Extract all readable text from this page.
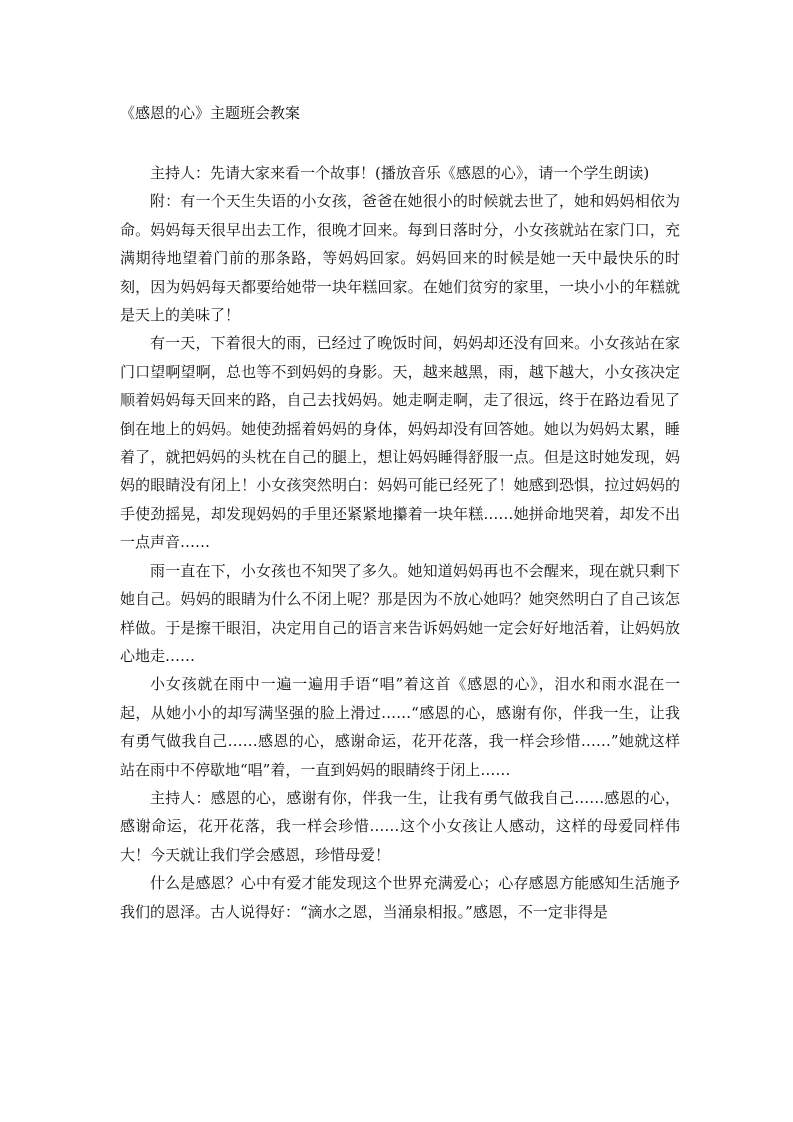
《感恩的心》主题班会教案

主持人：先请大家来看一个故事！(播放音乐《感恩的心》，请一个学生朗读)

附：有一个天生失语的小女孩，爸爸在她很小的时候就去世了，她和妈妈相依为命。妈妈每天很早出去工作，很晚才回来。每到日落时分，小女孩就站在家门口，充满期待地望着门前的那条路，等妈妈回家。妈妈回来的时候是她一天中最快乐的时刻，因为妈妈每天都要给她带一块年糕回家。在她们贫穷的家里，一块小小的年糕就是天上的美味了！

有一天，下着很大的雨，已经过了晚饭时间，妈妈却还没有回来。小女孩站在家门口望啊望啊，总也等不到妈妈的身影。天，越来越黑，雨，越下越大，小女孩决定顺着妈妈每天回来的路，自己去找妈妈。她走啊走啊，走了很远，终于在路边看见了倒在地上的妈妈。她使劲摇着妈妈的身体，妈妈却没有回答她。她以为妈妈太累，睡着了，就把妈妈的头枕在自己的腿上，想让妈妈睡得舒服一点。但是这时她发现，妈妈的眼睛没有闭上！小女孩突然明白：妈妈可能已经死了！她感到恐惧，拉过妈妈的手使劲摇晃，却发现妈妈的手里还紧紧地攥着一块年糕……她拼命地哭着，却发不出一点声音……

雨一直在下，小女孩也不知哭了多久。她知道妈妈再也不会醒来，现在就只剩下她自己。妈妈的眼睛为什么不闭上呢？那是因为不放心她吗？她突然明白了自己该怎样做。于是擦干眼泪，决定用自己的语言来告诉妈妈她一定会好好地活着，让妈妈放心地走……

小女孩就在雨中一遍一遍用手语“唱”着这首《感恩的心》，泪水和雨水混在一起，从她小小的却写满坚强的脸上滑过……“感恩的心，感谢有你，伴我一生，让我有勇气做我自己……感恩的心，感谢命运，花开花落，我一样会珍惜……”她就这样站在雨中不停歇地“唱”着，一直到妈妈的眼睛终于闭上……

主持人：感恩的心，感谢有你，伴我一生，让我有勇气做我自己……感恩的心，感谢命运，花开花落，我一样会珍惜……这个小女孩让人感动，这样的母爱同样伟大！今天就让我们学会感恩，珍惜母爱！

什么是感恩？心中有爱才能发现这个世界充满爱心；心存感恩方能感知生活施予我们的恩泽。古人说得好：“滴水之恩，当涌泉相报。”感恩，不一定非得是
